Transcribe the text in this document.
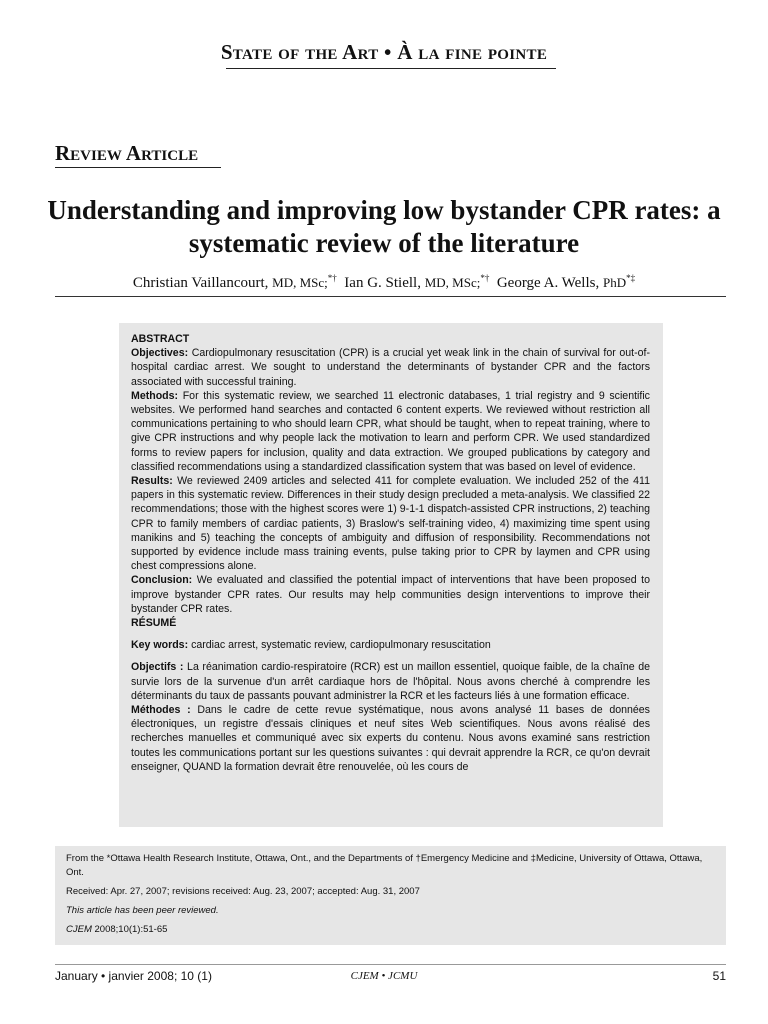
State of the Art • À la fine pointe
Review Article
Understanding and improving low bystander CPR rates: a systematic review of the literature
Christian Vaillancourt, MD, MSc;*† Ian G. Stiell, MD, MSc;*† George A. Wells, PhD*‡

ABSTRACT

Objectives: Cardiopulmonary resuscitation (CPR) is a crucial yet weak link in the chain of survival for out-of-hospital cardiac arrest. We sought to understand the determinants of bystander CPR and the factors associated with successful training.

Methods: For this systematic review, we searched 11 electronic databases, 1 trial registry and 9 scientific websites. We performed hand searches and contacted 6 content experts. We reviewed without restriction all communications pertaining to who should learn CPR, what should be taught, when to repeat training, where to give CPR instructions and why people lack the motivation to learn and perform CPR. We used standardized forms to review papers for inclusion, quality and data extraction. We grouped publications by category and classified recommendations using a standardized classification system that was based on level of evidence.

Results: We reviewed 2409 articles and selected 411 for complete evaluation. We included 252 of the 411 papers in this systematic review. Differences in their study design precluded a meta-analysis. We classified 22 recommendations; those with the highest scores were 1) 9-1-1 dispatch-assisted CPR instructions, 2) teaching CPR to family members of cardiac patients, 3) Braslow's self-training video, 4) maximizing time spent using manikins and 5) teaching the concepts of ambiguity and diffusion of responsibility. Recommendations not supported by evidence include mass training events, pulse taking prior to CPR by laymen and CPR using chest compressions alone.

Conclusion: We evaluated and classified the potential impact of interventions that have been proposed to improve bystander CPR rates. Our results may help communities design interventions to improve their bystander CPR rates.

RÉSUMÉ

Key words: cardiac arrest, systematic review, cardiopulmonary resuscitation

Objectifs : La réanimation cardio-respiratoire (RCR) est un maillon essentiel, quoique faible, de la chaîne de survie lors de la survenue d'un arrêt cardiaque hors de l'hôpital. Nous avons cherché à comprendre les déterminants du taux de passants pouvant administrer la RCR et les facteurs liés à une formation efficace.

Méthodes : Dans le cadre de cette revue systématique, nous avons analysé 11 bases de données électroniques, un registre d'essais cliniques et neuf sites Web scientifiques. Nous avons réalisé des recherches manuelles et communiqué avec six experts du contenu. Nous avons examiné sans restriction toutes les communications portant sur les questions suivantes : qui devrait apprendre la RCR, ce qu'on devrait enseigner, QUAND la formation devrait être renouvelée, où les cours de

From the *Ottawa Health Research Institute, Ottawa, Ont., and the Departments of †Emergency Medicine and ‡Medicine, University of Ottawa, Ottawa, Ont.

Received: Apr. 27, 2007; revisions received: Aug. 23, 2007; accepted: Aug. 31, 2007

This article has been peer reviewed.

CJEM 2008;10(1):51-65

January • janvier 2008; 10 (1)	CJEM • JCMU	51
